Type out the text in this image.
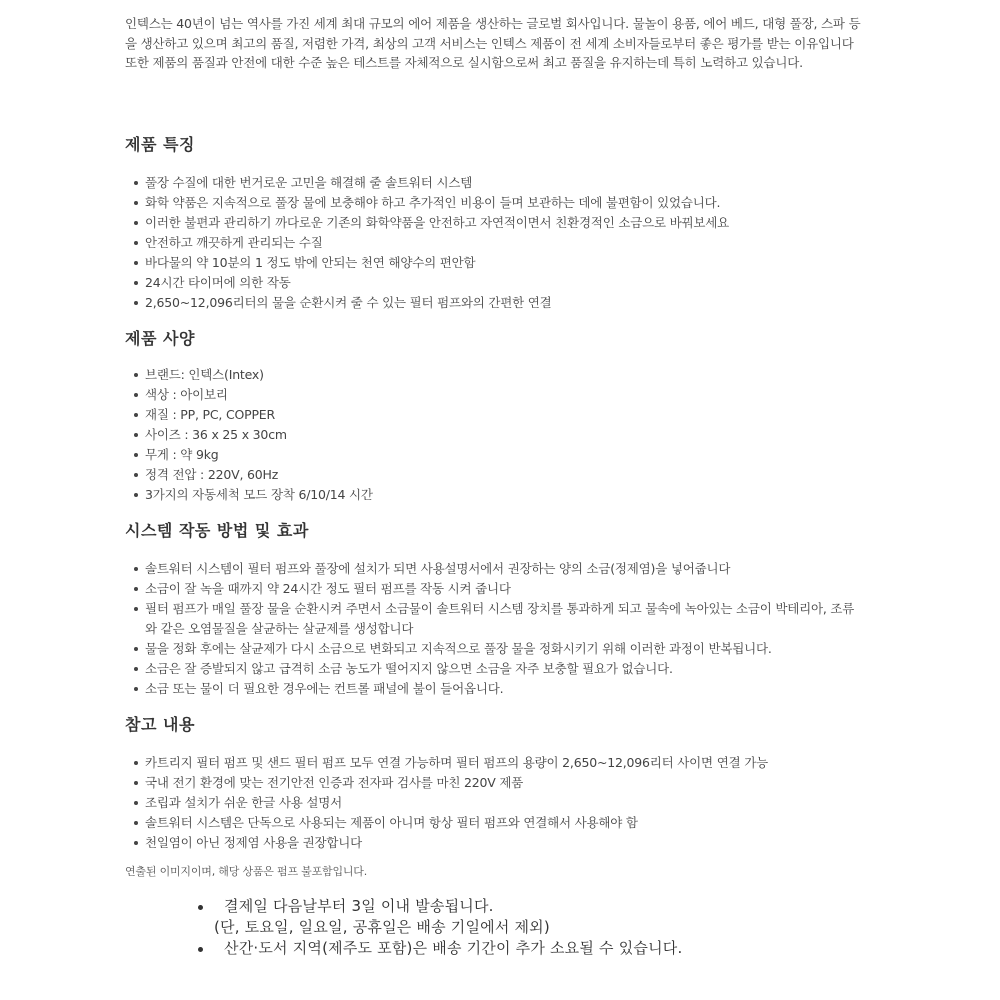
인텍스는 40년이 넘는 역사를 가진 세계 최대 규모의 에어 제품을 생산하는 글로벌 회사입니다. 물놀이 용품, 에어 베드, 대형 풀장, 스파 등을 생산하고 있으며 최고의 품질, 저렴한 가격, 최상의 고객 서비스는 인텍스 제품이 전 세계 소비자들로부터 좋은 평가를 받는 이유입니다 또한 제품의 품질과 안전에 대한 수준 높은 테스트를 자체적으로 실시함으로써 최고 품질을 유지하는데 특히 노력하고 있습니다.

제품 특징
풀장 수질에 대한 번거로운 고민을 해결해 줄 솔트워터 시스템
화학 약품은 지속적으로 풀장 물에 보충해야 하고 추가적인 비용이 들며 보관하는 데에 불편함이 있었습니다.
이러한 불편과 관리하기 까다로운 기존의 화학약품을 안전하고 자연적이면서 친환경적인 소금으로 바꿔보세요
안전하고 깨끗하게 관리되는 수질
바다물의 약 10분의 1 정도 밖에 안되는 천연 해양수의 편안함
24시간 타이머에 의한 작동
2,650~12,096리터의 물을 순환시켜 줄 수 있는 필터 펌프와의 간편한 연결
제품 사양
브랜드: 인텍스(Intex)
색상 : 아이보리
재질 : PP, PC, COPPER
사이즈 : 36 x 25 x 30cm
무게 : 약 9kg
정격 전압 : 220V, 60Hz
3가지의 자동세척 모드 장착 6/10/14 시간
시스템 작동 방법 및 효과
솔트워터 시스템이 필터 펌프와 풀장에 설치가 되면 사용설명서에서 권장하는 양의 소금(정제염)을 넣어줍니다
소금이 잘 녹을 때까지 약 24시간 정도 필터 펌프를 작동 시켜 줍니다
필터 펌프가 매일 풀장 물을 순환시켜 주면서 소금물이 솔트워터 시스템 장치를 통과하게 되고 물속에 녹아있는 소금이 박테리아, 조류와 같은 오염물질을 살균하는 살균제를 생성합니다
물을 정화 후에는 살균제가 다시 소금으로 변화되고 지속적으로 풀장 물을 정화시키기 위해 이러한 과정이 반복됩니다.
소금은 잘 증발되지 않고 급격히 소금 농도가 떨어지지 않으면 소금을 자주 보충할 필요가 없습니다.
소금 또는 물이 더 필요한 경우에는 컨트롤 패널에 불이 들어옵니다.
참고 내용
카트리지 필터 펌프 및 샌드 필터 펌프 모두 연결 가능하며 필터 펌프의 용량이 2,650~12,096리터 사이면 연결 가능
국내 전기 환경에 맞는 전기안전 인증과 전자파 검사를 마친 220V 제품
조립과 설치가 쉬운 한글 사용 설명서
솔트워터 시스템은 단독으로 사용되는 제품이 아니며 항상 필터 펌프와 연결해서 사용해야 함
천일염이 아닌 정제염 사용을 권장합니다
연출된 이미지이며, 해당 상품은 펌프 불포함입니다.
결제일 다음날부터 3일 이내 발송됩니다.
(단, 토요일, 일요일, 공휴일은 배송 기일에서 제외)
산간·도서 지역(제주도 포함)은 배송 기간이 추가 소요될 수 있습니다.
